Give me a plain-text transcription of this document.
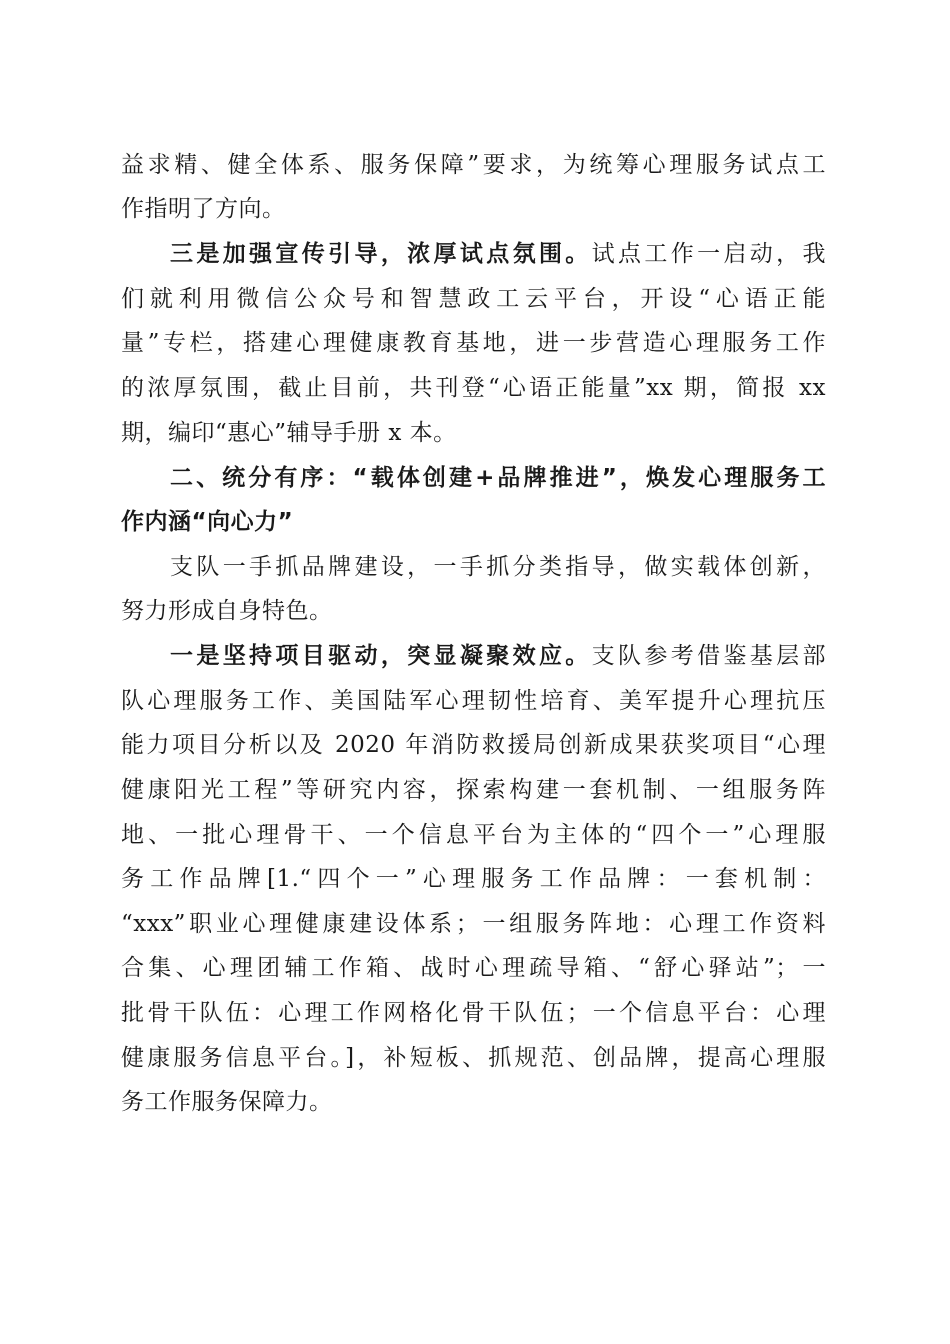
益求精、健全体系、服务保障”要求，为统筹心理服务试点工
作指明了方向。
三是加强宣传引导，浓厚试点氛围。试点工作一启动，我
们就利用微信公众号和智慧政工云平台，开设“心语正能
量”专栏，搭建心理健康教育基地，进一步营造心理服务工作
的浓厚氛围，截止目前，共刊登“心语正能量”xx 期，简报 xx
期，编印“惠心”辅导手册 x 本。
二、统分有序：“载体创建+品牌推进”，焕发心理服务工
作内涵“向心力”
支队一手抓品牌建设，一手抓分类指导，做实载体创新，
努力形成自身特色。
一是坚持项目驱动，突显凝聚效应。支队参考借鉴基层部
队心理服务工作、美国陆军心理韧性培育、美军提升心理抗压
能力项目分析以及 2020 年消防救援局创新成果获奖项目“心理
健康阳光工程”等研究内容，探索构建一套机制、一组服务阵
地、一批心理骨干、一个信息平台为主体的“四个一”心理服
务工作品牌[1.“四个一”心理服务工作品牌：一套机制：
“xxx”职业心理健康建设体系；一组服务阵地：心理工作资料
合集、心理团辅工作箱、战时心理疏导箱、“舒心驿站”；一
批骨干队伍：心理工作网格化骨干队伍；一个信息平台：心理
健康服务信息平台。]，补短板、抓规范、创品牌，提高心理服
务工作服务保障力。
